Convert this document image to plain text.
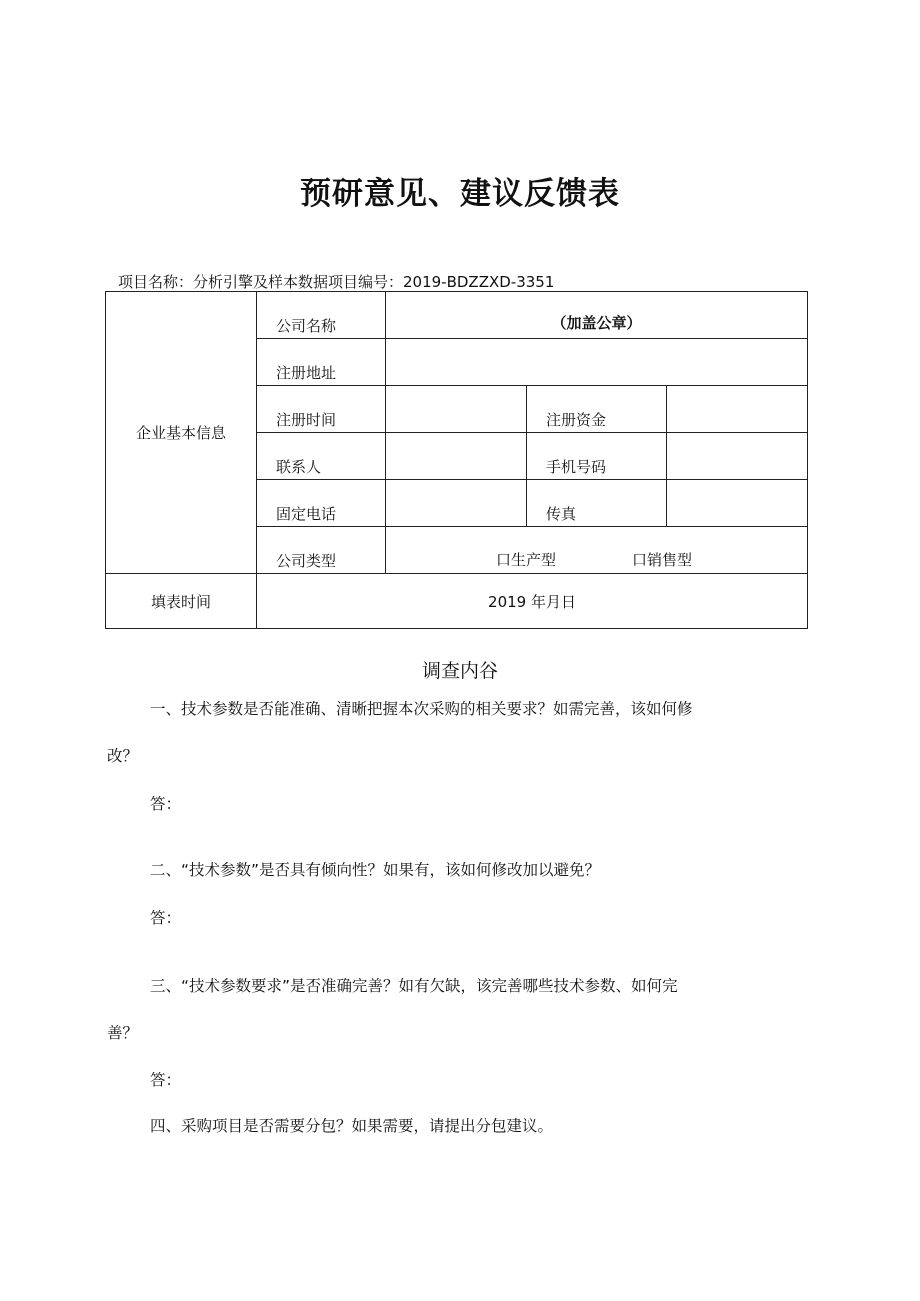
预研意见、建议反馈表
项目名称：分析引擎及样本数据项目编号：2019-BDZZXD-3351
企业基本信息	公司名称	（加盖公章）		
	注册地址			
	注册时间		注册资金	
	联系人		手机号码	
	固定电话		传真	
	公司类型	口生产型 口销售型		

填表时间	2019 年月日			
调查内谷
一、技术参数是否能准确、清晰把握本次采购的相关要求？如需完善，该如何修
改？
答：
二、“技术参数”是否具有倾向性？如果有，该如何修改加以避免？
答：
三、“技术参数要求”是否准确完善？如有欠缺，该完善哪些技术参数、如何完
善？
答：
四、采购项目是否需要分包？如果需要，请提出分包建议。
